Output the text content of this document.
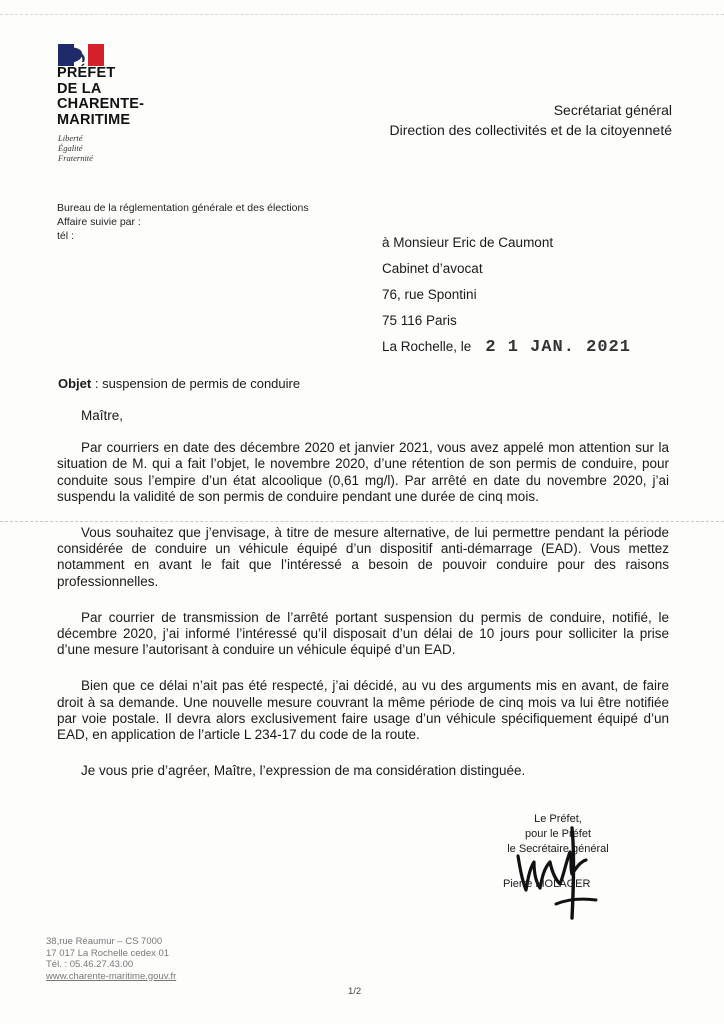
PRÉFET
DE LA
CHARENTE-
MARITIME
Liberté
Égalité
Fraternité
Secrétariat général
Direction des collectivités et de la citoyenneté
Bureau de la réglementation générale et des élections
Affaire suivie par :
tél :	à Monsieur Eric de Caumont
Cabinet d’avocat
76, rue Spontini
75 116 Paris
La Rochelle, le 2 1 JAN. 2021
Objet : suspension de permis de conduire

Maître,

Par courriers en date des décembre 2020 et janvier 2021, vous avez appelé mon attention sur la situation de M. qui a fait l’objet, le novembre 2020, d’une rétention de son permis de conduire, pour conduite sous l’empire d’un état alcoolique (0,61 mg/l). Par arrêté en date du novembre 2020, j’ai suspendu la validité de son permis de conduire pendant une durée de cinq mois.

Vous souhaitez que j’envisage, à titre de mesure alternative, de lui permettre pendant la période considérée de conduire un véhicule équipé d’un dispositif anti-démarrage (EAD). Vous mettez notamment en avant le fait que l’intéressé a besoin de pouvoir conduire pour des raisons professionnelles.

Par courrier de transmission de l’arrêté portant suspension du permis de conduire, notifié, le décembre 2020, j’ai informé l’intéressé qu’il disposait d’un délai de 10 jours pour solliciter la prise d’une mesure l’autorisant à conduire un véhicule équipé d’un EAD.

Bien que ce délai n’ait pas été respecté, j’ai décidé, au vu des arguments mis en avant, de faire droit à sa demande. Une nouvelle mesure couvrant la même période de cinq mois va lui être notifiée par voie postale. Il devra alors exclusivement faire usage d’un véhicule spécifiquement équipé d’un EAD, en application de l’article L 234-17 du code de la route.

Je vous prie d’agréer, Maître, l’expression de ma considération distinguée.

Le Préfet,
pour le Préfet
le Secrétaire général
Pierre MOLAGER
38,rue Réaumur – CS 7000
17 017 La Rochelle cedex 01
Tél. : 05.46.27.43.00
www.charente-maritime.gouv.fr
1/2
